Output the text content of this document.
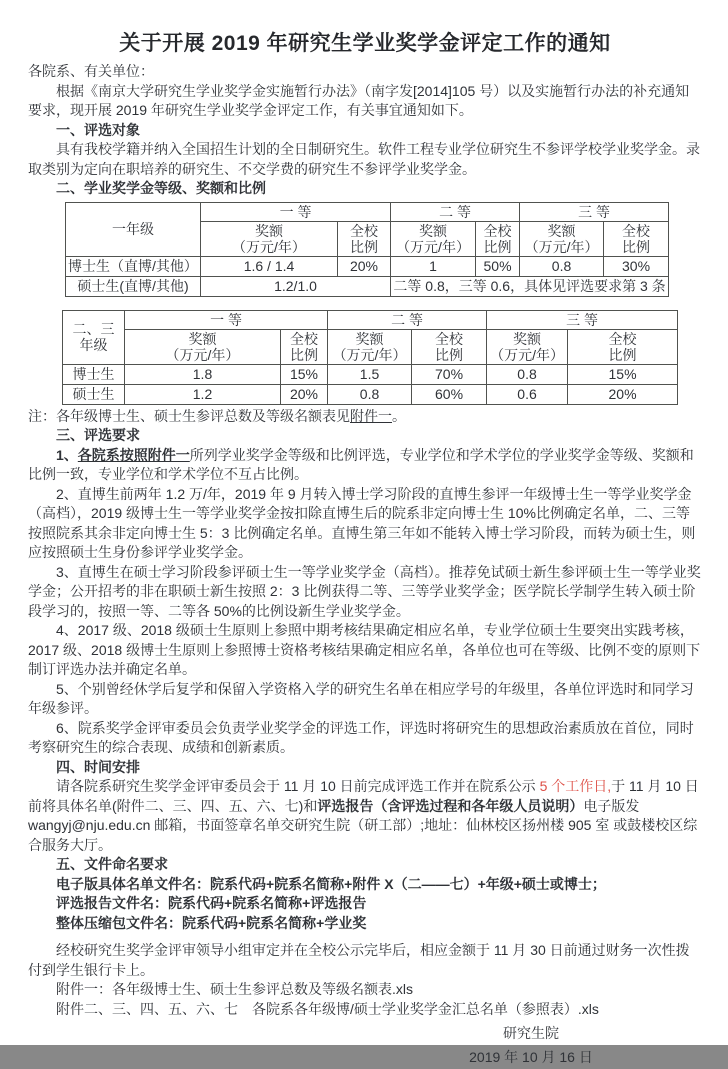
关于开展 2019 年研究生学业奖学金评定工作的通知

各院系、有关单位：

根据《南京大学研究生学业奖学金实施暂行办法》（南字发[2014]105 号）以及实施暂行办法的补充通知要求，现开展 2019 年研究生学业奖学金评定工作，有关事宜通知如下。

一、评选对象

具有我校学籍并纳入全国招生计划的全日制研究生。软件工程专业学位研究生不参评学校学业奖学金。录取类别为定向在职培养的研究生、不交学费的研究生不参评学业奖学金。

二、学业奖学金等级、奖额和比例

一年级	一 等		二 等		三 等	
	奖额
（万元/年）	全校
比例	奖额
（万元/年）	全校
比例	奖额
（万元/年）	全校
比例
博士生（直博/其他）	1.6 / 1.4	20%	1	50%	0.8	30%
硕士生(直博/其他)	1.2/1.0		二等 0.8，三等 0.6，具体见评选要求第 3 条			
二、三
年级	一 等		二 等		三 等	
	奖额
（万元/年）	全校
比例	奖额
（万元/年）	全校
比例	奖额
（万元/年）	全校
比例
博士生	1.8	15%	1.5	70%	0.8	15%
硕士生	1.2	20%	0.8	60%	0.6	20%

注：各年级博士生、硕士生参评总数及等级名额表见附件一。

三、评选要求

1、各院系按照附件一所列学业奖学金等级和比例评选，专业学位和学术学位的学业奖学金等级、奖额和比例一致，专业学位和学术学位不互占比例。

2、直博生前两年 1.2 万/年，2019 年 9 月转入博士学习阶段的直博生参评一年级博士生一等学业奖学金（高档），2019 级博士生一等学业奖学金按扣除直博生后的院系非定向博士生 10%比例确定名单，二、三等按照院系其余非定向博士生 5：3 比例确定名单。直博生第三年如不能转入博士学习阶段，而转为硕士生，则应按照硕士生身份参评学业奖学金。

3、直博生在硕士学习阶段参评硕士生一等学业奖学金（高档）。推荐免试硕士新生参评硕士生一等学业奖学金；公开招考的非在职硕士新生按照 2：3 比例获得二等、三等学业奖学金；医学院长学制学生转入硕士阶段学习的，按照一等、二等各 50%的比例设新生学业奖学金。

4、2017 级、2018 级硕士生原则上参照中期考核结果确定相应名单，专业学位硕士生要突出实践考核，2017 级、2018 级博士生原则上参照博士资格考核结果确定相应名单，各单位也可在等级、比例不变的原则下制订评选办法并确定名单。

5、个别曾经休学后复学和保留入学资格入学的研究生名单在相应学号的年级里，各单位评选时和同学习年级参评。

6、院系奖学金评审委员会负责学业奖学金的评选工作，评选时将研究生的思想政治素质放在首位，同时考察研究生的综合表现、成绩和创新素质。

四、时间安排

请各院系研究生奖学金评审委员会于 11 月 10 日前完成评选工作并在院系公示 5 个工作日,于 11 月 10 日前将具体名单(附件二、三、四、五、六、七)和评选报告（含评选过程和各年级人员说明）电子版发 wangyj@nju.edu.cn 邮箱，书面签章名单交研究生院（研工部）;地址：仙林校区扬州楼 905 室 或鼓楼校区综合服务大厅。

五、文件命名要求

电子版具体名单文件名：院系代码+院系名简称+附件 X（二——七）+年级+硕士或博士；

评选报告文件名：院系代码+院系名简称+评选报告

整体压缩包文件名：院系代码+院系名简称+学业奖

经校研究生奖学金评审领导小组审定并在全校公示完毕后，相应金额于 11 月 30 日前通过财务一次性拨付到学生银行卡上。

附件一：各年级博士生、硕士生参评总数及等级名额表.xls

附件二、三、四、五、六、七　各院系各年级博/硕士学业奖学金汇总名单（参照表）.xls

研究生院

2019 年 10 月 16 日
